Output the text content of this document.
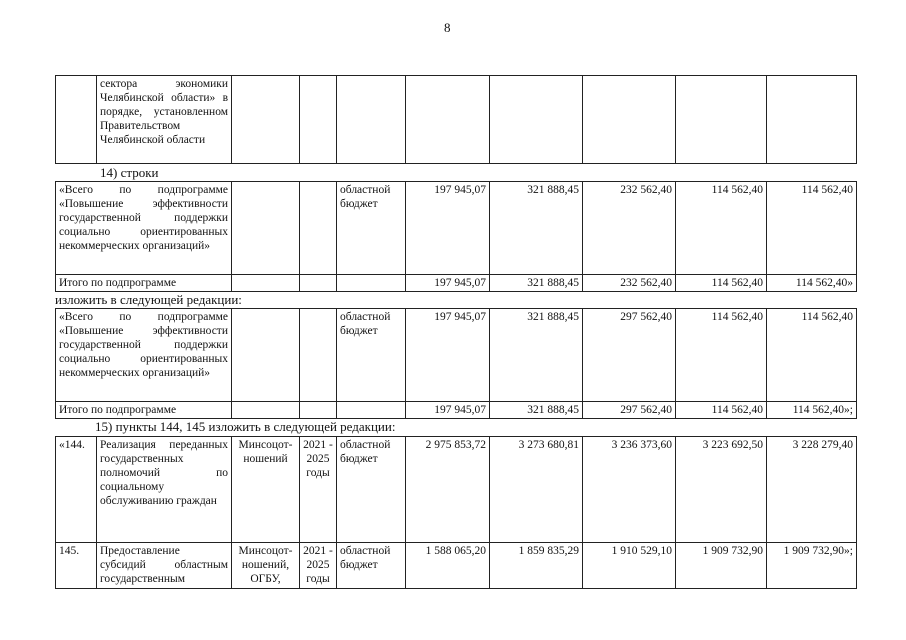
8
	сектора экономики Челябинской области» в порядке, установленном Правительством Челябинской области								
14) строки
«Всего по подпрограмме «Повышение эффективности государственной поддержки социально ориентированных некоммерческих организаций»			областной бюджет	197 945,07	321 888,45	232 562,40	114 562,40	114 562,40
Итого по подпрограмме				197 945,07	321 888,45	232 562,40	114 562,40	114 562,40»
изложить в следующей редакции:
«Всего по подпрограмме «Повышение эффективности государственной поддержки социально ориентированных некоммерческих организаций»			областной бюджет	197 945,07	321 888,45	297 562,40	114 562,40	114 562,40
Итого по подпрограмме				197 945,07	321 888,45	297 562,40	114 562,40	114 562,40»;
15) пункты 144, 145 изложить в следующей редакции:
«144.	Реализация переданных государственных полномочий по социальному обслуживанию граждан	Минсоцот-ношений	2021 - 2025 годы	областной бюджет	2 975 853,72	3 273 680,81	3 236 373,60	3 223 692,50	3 228 279,40
145.	Предоставление субсидий областным государственным	Минсоцот-ношений, ОГБУ,	2021 - 2025 годы	областной бюджет	1 588 065,20	1 859 835,29	1 910 529,10	1 909 732,90	1 909 732,90»;
